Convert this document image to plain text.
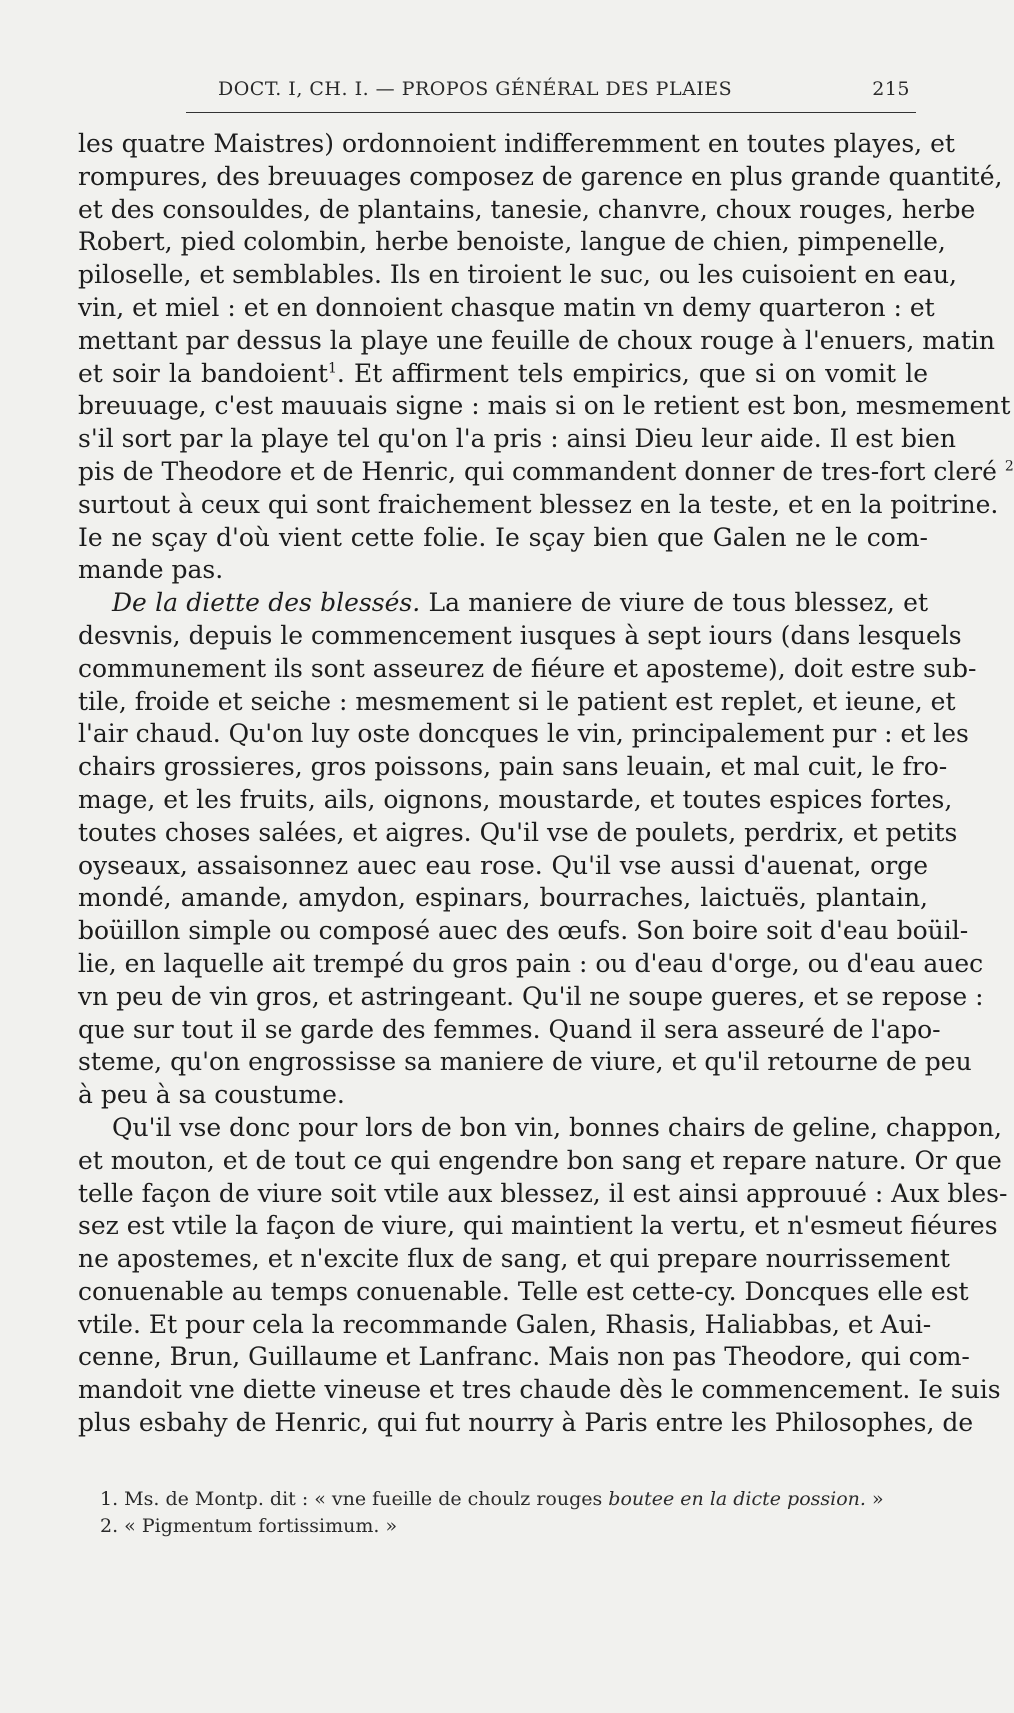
DOCT. I, CH. I. — PROPOS GÉNÉRAL DES PLAIES	215
les quatre Maistres) ordonnoient indifferemment en toutes playes, et
rompures, des breuuages composez de garence en plus grande quantité,
et des consouldes, de plantains, tanesie, chanvre, choux rouges, herbe
Robert, pied colombin, herbe benoiste, langue de chien, pimpenelle,
piloselle, et semblables. Ils en tiroient le suc, ou les cuisoient en eau,
vin, et miel : et en donnoient chasque matin vn demy quarteron : et
mettant par dessus la playe une feuille de choux rouge à l'enuers, matin
et soir la bandoient$^1$. Et affirment tels empirics, que si on vomit le
breuuage, c'est mauuais signe : mais si on le retient est bon, mesmement
s'il sort par la playe tel qu'on l'a pris : ainsi Dieu leur aide. Il est bien
pis de Theodore et de Henric, qui commandent donner de tres-fort cleré $^2$
surtout à ceux qui sont fraichement blessez en la teste, et en la poitrine.
Ie ne sçay d'où vient cette folie. Ie sçay bien que Galen ne le com-
mande pas.
De la diette des blessés. La maniere de viure de tous blessez, et
desvnis, depuis le commencement iusques à sept iours (dans lesquels
communement ils sont asseurez de fiéure et aposteme), doit estre sub-
tile, froide et seiche : mesmement si le patient est replet, et ieune, et
l'air chaud. Qu'on luy oste doncques le vin, principalement pur : et les
chairs grossieres, gros poissons, pain sans leuain, et mal cuit, le fro-
mage, et les fruits, ails, oignons, moustarde, et toutes espices fortes,
toutes choses salées, et aigres. Qu'il vse de poulets, perdrix, et petits
oyseaux, assaisonnez auec eau rose. Qu'il vse aussi d'auenat, orge
mondé, amande, amydon, espinars, bourraches, laictuës, plantain,
boüillon simple ou composé auec des œufs. Son boire soit d'eau boüil-
lie, en laquelle ait trempé du gros pain : ou d'eau d'orge, ou d'eau auec
vn peu de vin gros, et astringeant. Qu'il ne soupe gueres, et se repose :
que sur tout il se garde des femmes. Quand il sera asseuré de l'apo-
steme, qu'on engrossisse sa maniere de viure, et qu'il retourne de peu
à peu à sa coustume.
Qu'il vse donc pour lors de bon vin, bonnes chairs de geline, chappon,
et mouton, et de tout ce qui engendre bon sang et repare nature. Or que
telle façon de viure soit vtile aux blessez, il est ainsi approuué : Aux bles-
sez est vtile la façon de viure, qui maintient la vertu, et n'esmeut fiéures
ne apostemes, et n'excite flux de sang, et qui prepare nourrissement
conuenable au temps conuenable. Telle est cette-cy. Doncques elle est
vtile. Et pour cela la recommande Galen, Rhasis, Haliabbas, et Aui-
cenne, Brun, Guillaume et Lanfranc. Mais non pas Theodore, qui com-
mandoit vne diette vineuse et tres chaude dès le commencement. Ie suis
plus esbahy de Henric, qui fut nourry à Paris entre les Philosophes, de
1. Ms. de Montp. dit : « vne fueille de choulz rouges boutee en la dicte possion. »
2. « Pigmentum fortissimum. »
